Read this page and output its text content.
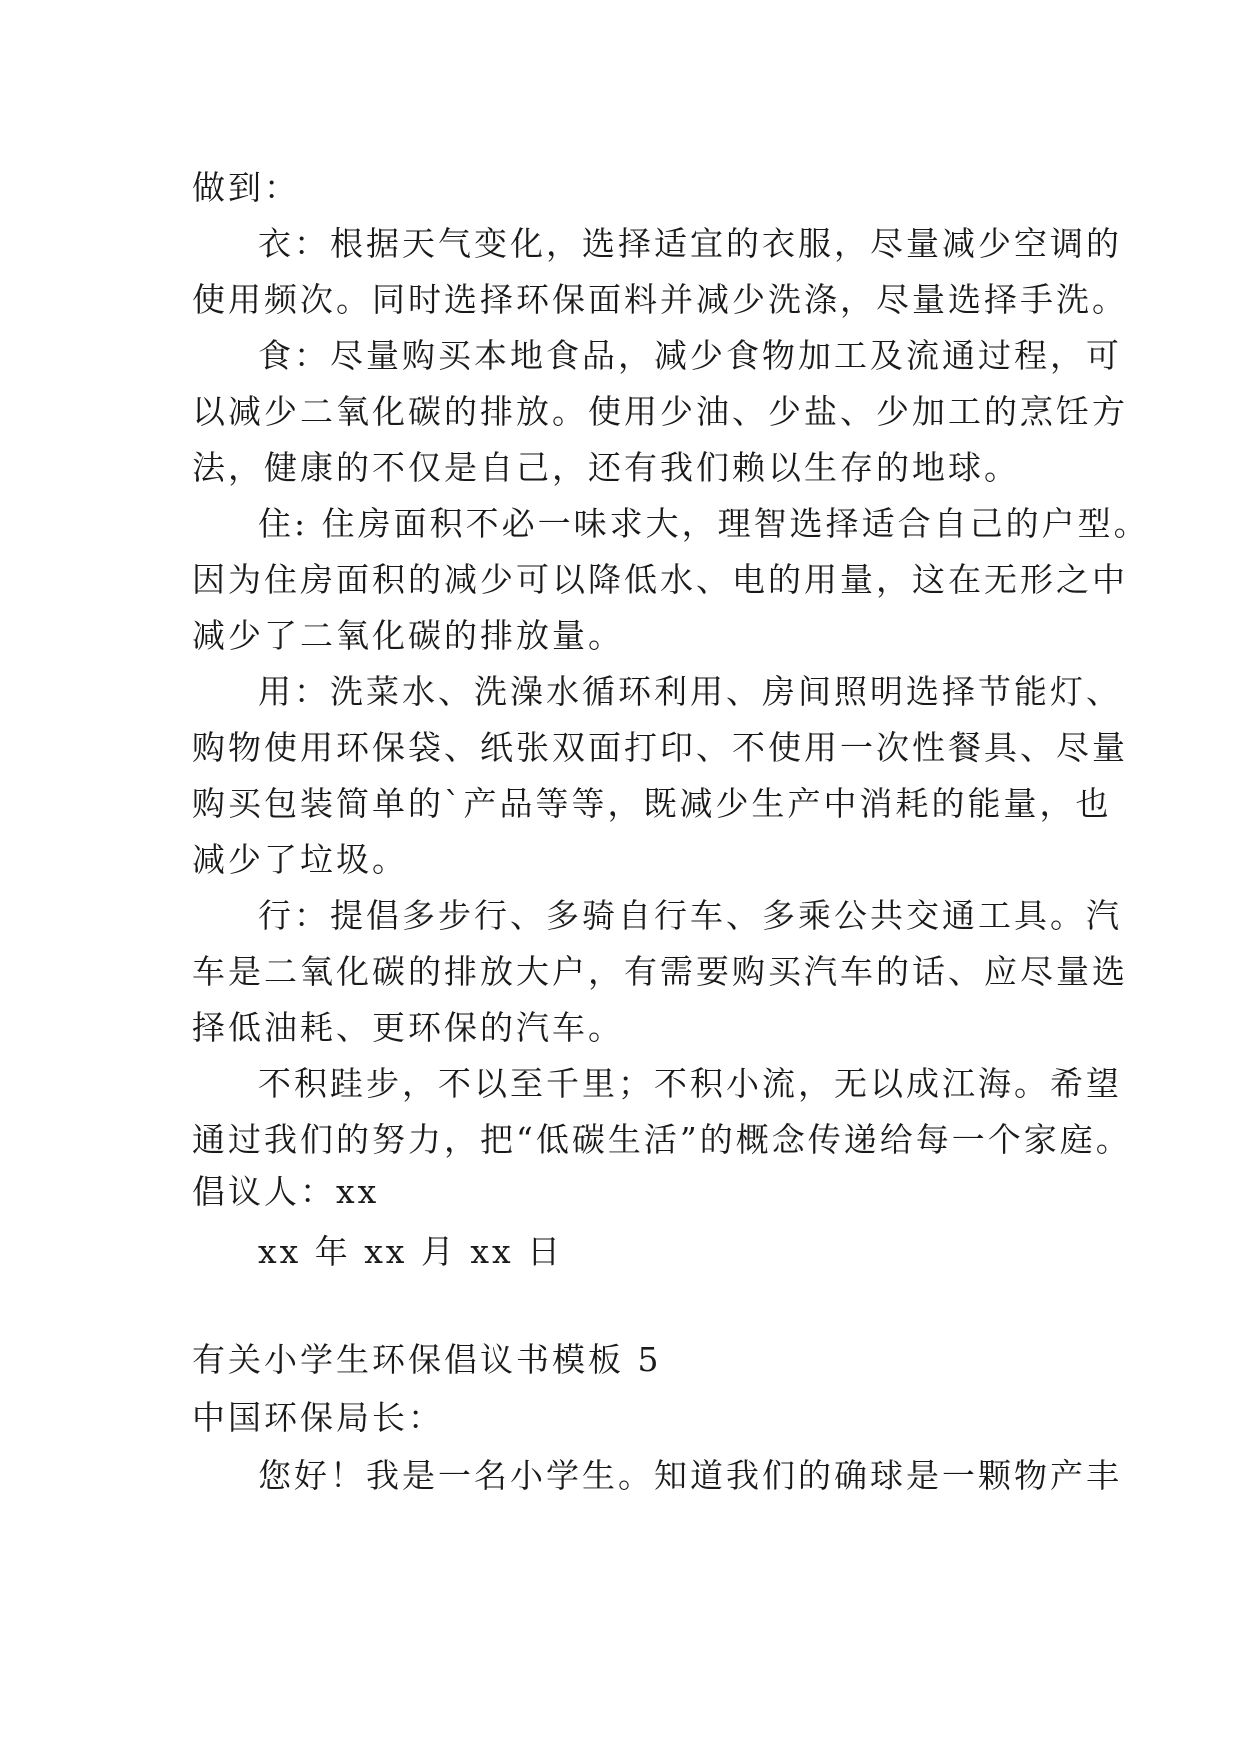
做到：
衣：根据天气变化，选择适宜的衣服，尽量减少空调的
使用频次。同时选择环保面料并减少洗涤，尽量选择手洗。
食：尽量购买本地食品，减少食物加工及流通过程，可
以减少二氧化碳的排放。使用少油、少盐、少加工的烹饪方
法，健康的不仅是自己，还有我们赖以生存的地球。
住: 住房面积不必一味求大，理智选择适合自己的户型。
因为住房面积的减少可以降低水、电的用量，这在无形之中
减少了二氧化碳的排放量。
用：洗菜水、洗澡水循环利用、房间照明选择节能灯、
购物使用环保袋、纸张双面打印、不使用一次性餐具、尽量
购买包装简单的`产品等等，既减少生产中消耗的能量，也
减少了垃圾。
行：提倡多步行、多骑自行车、多乘公共交通工具。汽
车是二氧化碳的排放大户，有需要购买汽车的话、应尽量选
择低油耗、更环保的汽车。
不积跬步，不以至千里；不积小流，无以成江海。希望
通过我们的努力，把“低碳生活”的概念传递给每一个家庭。
倡议人：xx
xx 年 xx 月 xx 日
有关小学生环保倡议书模板 5
中国环保局长：
您好！我是一名小学生。知道我们的确球是一颗物产丰
